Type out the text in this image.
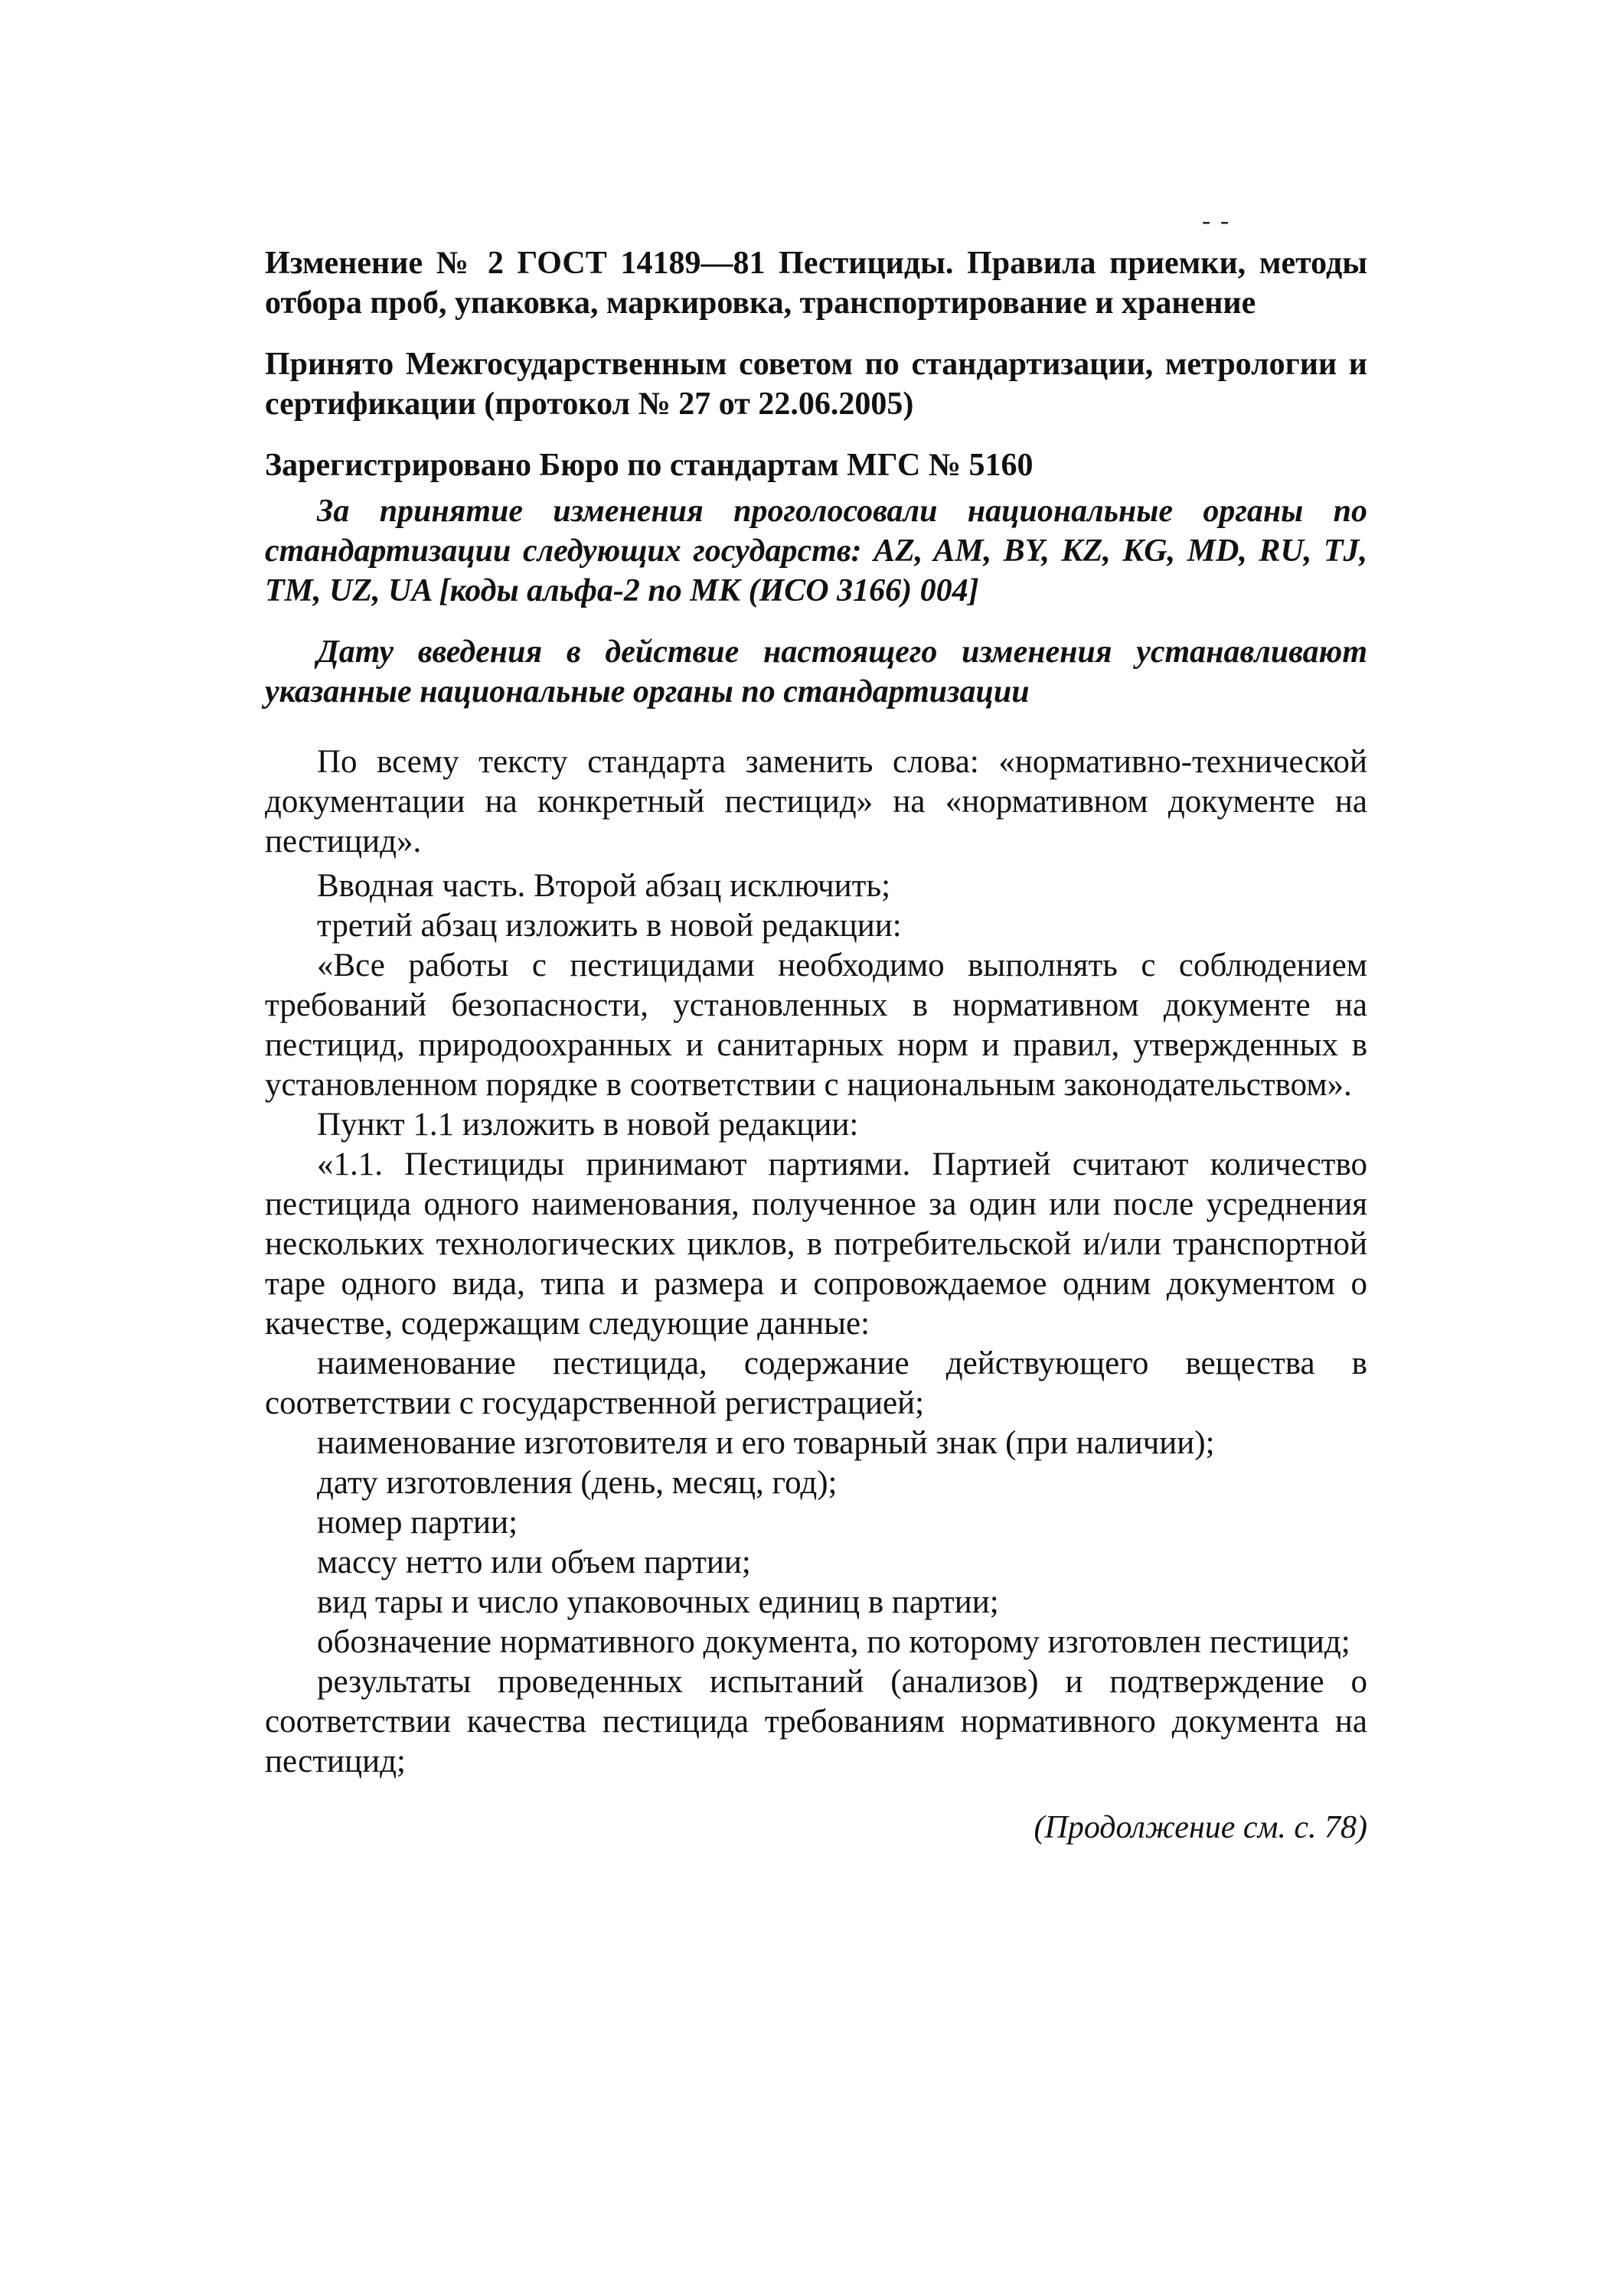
- -

Изменение № 2 ГОСТ 14189—81 Пестициды. Правила приемки, методы отбора проб, упаковка, маркировка, транспортирование и хранение

Принято Межгосударственным советом по стандартизации, метрологии и сертификации (протокол № 27 от 22.06.2005)

Зарегистрировано Бюро по стандартам МГС № 5160

За принятие изменения проголосовали национальные органы по стандартизации следующих государств: AZ, AM, BY, KZ, KG, MD, RU, TJ, TM, UZ, UA [коды альфа-2 по МК (ИСО 3166) 004]

Дату введения в действие настоящего изменения устанавливают указанные национальные органы по стандартизации

По всему тексту стандарта заменить слова: «нормативно-технической документации на конкретный пестицид» на «нормативном документе на пестицид».

Вводная часть. Второй абзац исключить;

третий абзац изложить в новой редакции:

«Все работы с пестицидами необходимо выполнять с соблюдением требований безопасности, установленных в нормативном документе на пестицид, природоохранных и санитарных норм и правил, утвержденных в установленном порядке в соответствии с национальным законодательством».

Пункт 1.1 изложить в новой редакции:

«1.1. Пестициды принимают партиями. Партией считают количество пестицида одного наименования, полученное за один или после усреднения нескольких технологических циклов, в потребительской и/или транспортной таре одного вида, типа и размера и сопровождаемое одним документом о качестве, содержащим следующие данные:

наименование пестицида, содержание действующего вещества в соответствии с государственной регистрацией;

наименование изготовителя и его товарный знак (при наличии);

дату изготовления (день, месяц, год);

номер партии;

массу нетто или объем партии;

вид тары и число упаковочных единиц в партии;

обозначение нормативного документа, по которому изготовлен пестицид;

результаты проведенных испытаний (анализов) и подтверждение о соответствии качества пестицида требованиям нормативного документа на пестицид;

(Продолжение см. с. 78)
